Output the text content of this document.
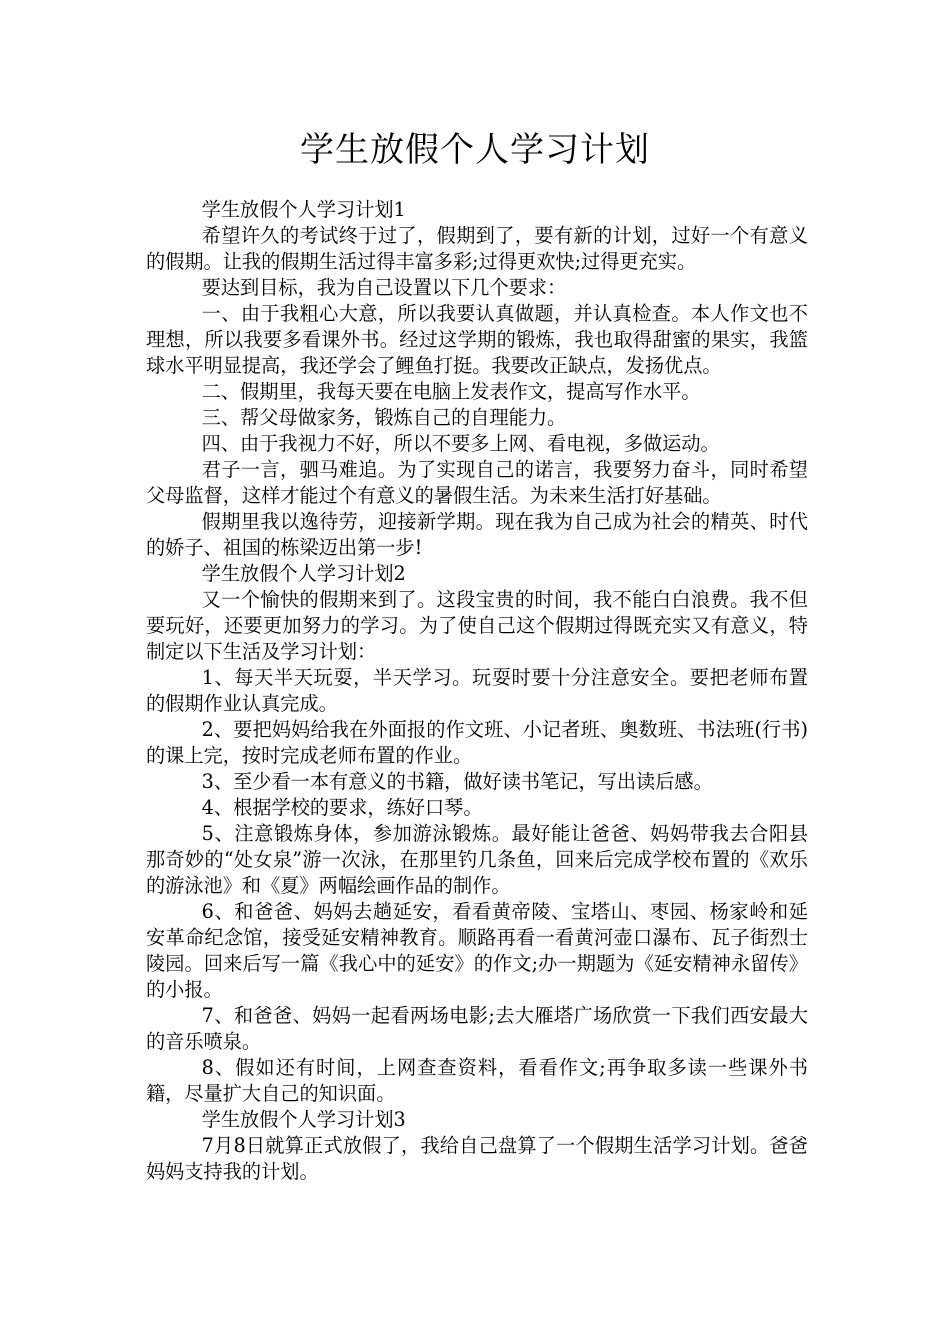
学生放假个人学习计划

学生放假个人学习计划1

希望许久的考试终于过了，假期到了，要有新的计划，过好一个有意义的假期。让我的假期生活过得丰富多彩;过得更欢快;过得更充实。

要达到目标，我为自己设置以下几个要求：

一、由于我粗心大意，所以我要认真做题，并认真检查。本人作文也不理想，所以我要多看课外书。经过这学期的锻炼，我也取得甜蜜的果实，我篮球水平明显提高，我还学会了鲤鱼打挺。我要改正缺点，发扬优点。

二、假期里，我每天要在电脑上发表作文，提高写作水平。

三、帮父母做家务，锻炼自己的自理能力。

四、由于我视力不好，所以不要多上网、看电视，多做运动。

君子一言，驷马难追。为了实现自己的诺言，我要努力奋斗，同时希望父母监督，这样才能过个有意义的暑假生活。为未来生活打好基础。

假期里我以逸待劳，迎接新学期。现在我为自己成为社会的精英、时代的娇子、祖国的栋梁迈出第一步!

学生放假个人学习计划2

又一个愉快的假期来到了。这段宝贵的时间，我不能白白浪费。我不但要玩好，还要更加努力的学习。为了使自己这个假期过得既充实又有意义，特制定以下生活及学习计划：

1、每天半天玩耍，半天学习。玩耍时要十分注意安全。要把老师布置的假期作业认真完成。

2、要把妈妈给我在外面报的作文班、小记者班、奥数班、书法班(行书)的课上完，按时完成老师布置的作业。

3、至少看一本有意义的书籍，做好读书笔记，写出读后感。

4、根据学校的要求，练好口琴。

5、注意锻炼身体，参加游泳锻炼。最好能让爸爸、妈妈带我去合阳县那奇妙的“处女泉”游一次泳，在那里钓几条鱼，回来后完成学校布置的《欢乐的游泳池》和《夏》两幅绘画作品的制作。

6、和爸爸、妈妈去趟延安，看看黄帝陵、宝塔山、枣园、杨家岭和延安革命纪念馆，接受延安精神教育。顺路再看一看黄河壶口瀑布、瓦子街烈士陵园。回来后写一篇《我心中的延安》的作文;办一期题为《延安精神永留传》的小报。

7、和爸爸、妈妈一起看两场电影;去大雁塔广场欣赏一下我们西安最大的音乐喷泉。

8、假如还有时间，上网查查资料，看看作文;再争取多读一些课外书籍，尽量扩大自己的知识面。

学生放假个人学习计划3

7月8日就算正式放假了，我给自己盘算了一个假期生活学习计划。爸爸妈妈支持我的计划。
